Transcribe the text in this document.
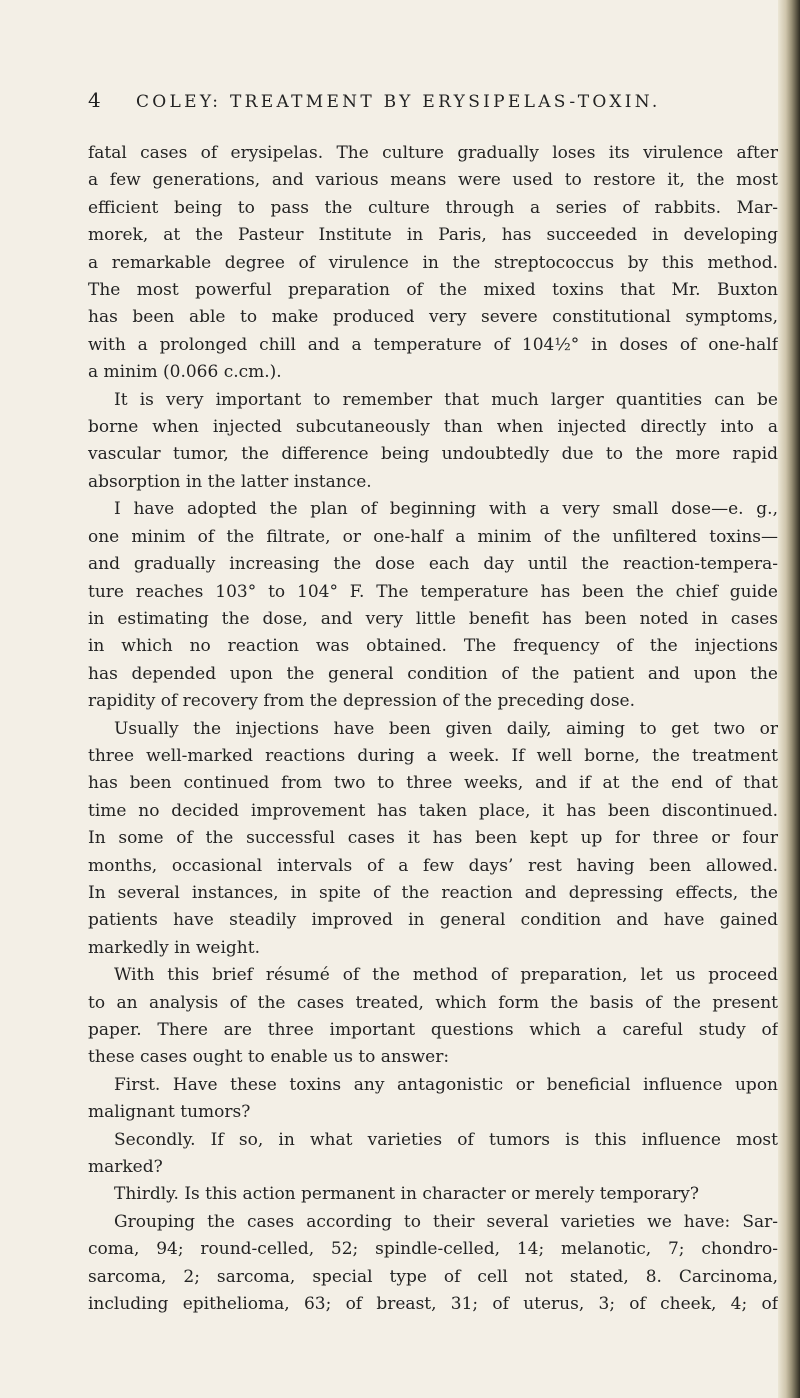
4 COLEY: TREATMENT BY ERYSIPELAS-TOXIN.
fatal cases of erysipelas. The culture gradually loses its virulence after
a few generations, and various means were used to restore it, the most
efficient being to pass the culture through a series of rabbits. Mar-
morek, at the Pasteur Institute in Paris, has succeeded in developing
a remarkable degree of virulence in the streptococcus by this method.
The most powerful preparation of the mixed toxins that Mr. Buxton
has been able to make produced very severe constitutional symptoms,
with a prolonged chill and a temperature of 104½° in doses of one-half
a minim (0.066 c.cm.).
It is very important to remember that much larger quantities can be
borne when injected subcutaneously than when injected directly into a
vascular tumor, the difference being undoubtedly due to the more rapid
absorption in the latter instance.
I have adopted the plan of beginning with a very small dose—e. g.,
one minim of the filtrate, or one-half a minim of the unfiltered toxins—
and gradually increasing the dose each day until the reaction-tempera-
ture reaches 103° to 104° F. The temperature has been the chief guide
in estimating the dose, and very little benefit has been noted in cases
in which no reaction was obtained. The frequency of the injections
has depended upon the general condition of the patient and upon the
rapidity of recovery from the depression of the preceding dose.
Usually the injections have been given daily, aiming to get two or
three well-marked reactions during a week. If well borne, the treatment
has been continued from two to three weeks, and if at the end of that
time no decided improvement has taken place, it has been discontinued.
In some of the successful cases it has been kept up for three or four
months, occasional intervals of a few days’ rest having been allowed.
In several instances, in spite of the reaction and depressing effects, the
patients have steadily improved in general condition and have gained
markedly in weight.
With this brief résumé of the method of preparation, let us proceed
to an analysis of the cases treated, which form the basis of the present
paper. There are three important questions which a careful study of
these cases ought to enable us to answer:
First. Have these toxins any antagonistic or beneficial influence upon
malignant tumors?
Secondly. If so, in what varieties of tumors is this influence most
marked?
Thirdly. Is this action permanent in character or merely temporary?
Grouping the cases according to their several varieties we have: Sar-
coma, 94; round-celled, 52; spindle-celled, 14; melanotic, 7; chondro-
sarcoma, 2; sarcoma, special type of cell not stated, 8. Carcinoma,
including epithelioma, 63; of breast, 31; of uterus, 3; of cheek, 4; of
